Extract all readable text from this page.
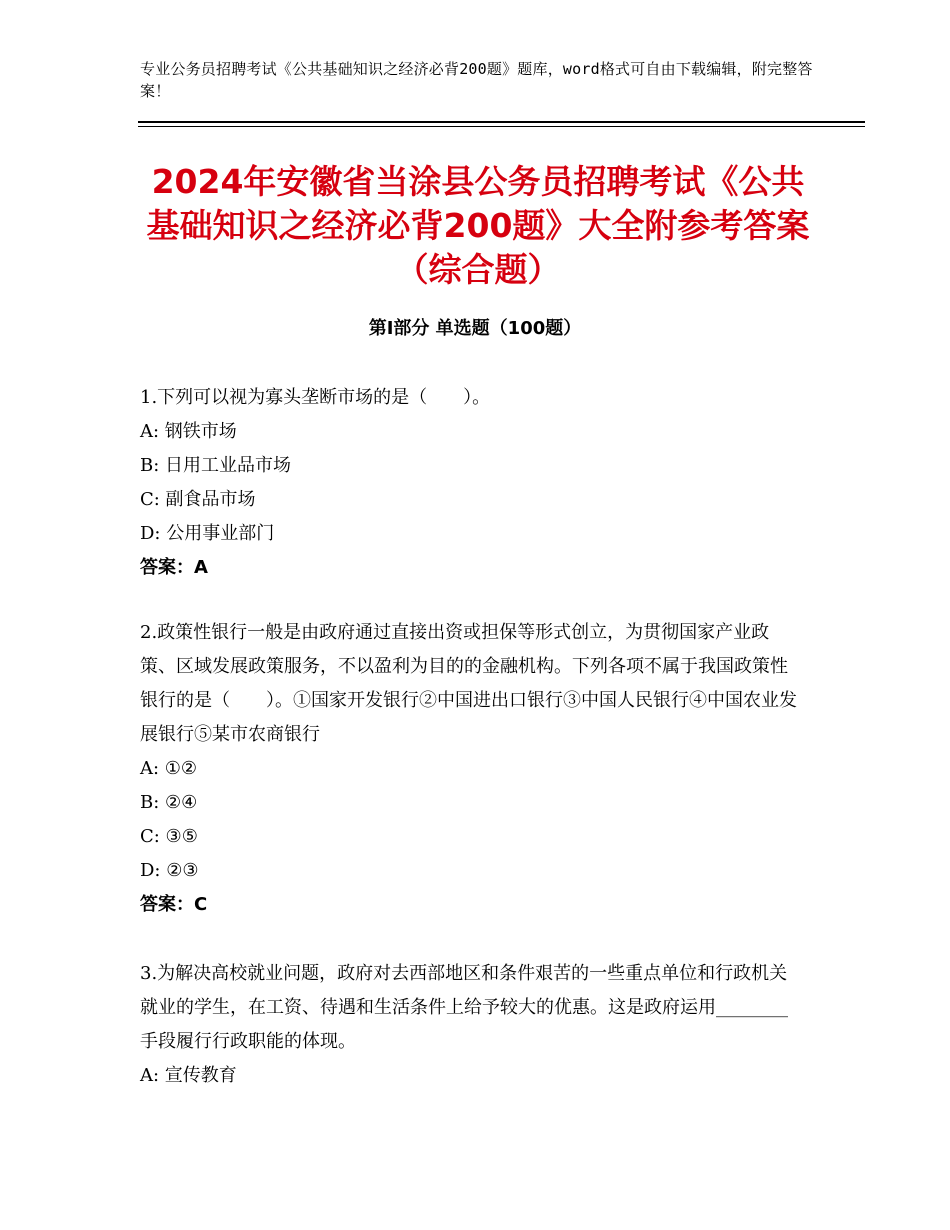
专业公务员招聘考试《公共基础知识之经济必背200题》题库，word格式可自由下载编辑，附完整答案！
2024年安徽省当涂县公务员招聘考试《公共基础知识之经济必背200题》大全附参考答案（综合题）
第Ⅰ部分 单选题（100题）
1.下列可以视为寡头垄断市场的是（　　）。
A: 钢铁市场
B: 日用工业品市场
C: 副食品市场
D: 公用事业部门
答案：A
2.政策性银行一般是由政府通过直接出资或担保等形式创立，为贯彻国家产业政策、区域发展政策服务，不以盈利为目的的金融机构。下列各项不属于我国政策性银行的是（　　）。①国家开发银行②中国进出口银行③中国人民银行④中国农业发展银行⑤某市农商银行
A: ①②
B: ②④
C: ③⑤
D: ②③
答案：C
3.为解决高校就业问题，政府对去西部地区和条件艰苦的一些重点单位和行政机关就业的学生，在工资、待遇和生活条件上给予较大的优惠。这是政府运用________手段履行行政职能的体现。
A: 宣传教育
